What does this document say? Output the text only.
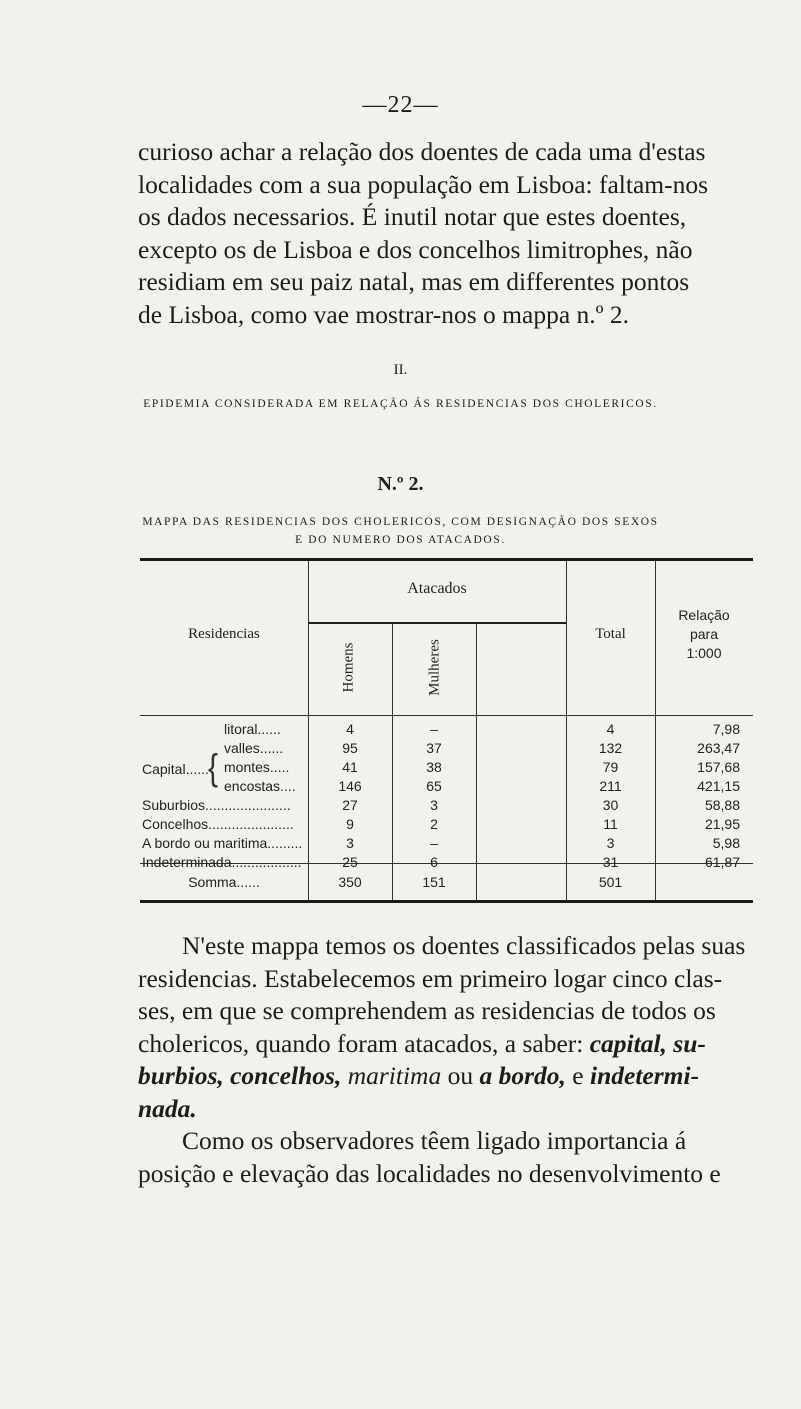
—22—
curioso achar a relação dos doentes de cada uma d'estas
localidades com a sua população em Lisboa: faltam-nos
os dados necessarios. É inutil notar que estes doentes,
excepto os de Lisboa e dos concelhos limitrophes, não
residiam em seu paiz natal, mas em differentes pontos
de Lisboa, como vae mostrar-nos o mappa n.º 2.
II.
EPIDEMIA CONSIDERADA EM RELAÇÃO ÁS RESIDENCIAS DOS CHOLERICOS.
N.º 2.
MAPPA DAS RESIDENCIAS DOS CHOLERICOS, COM DESIGNAÇÃO DOS SEXOS
E DO NUMERO DOS ATACADOS.
Residencias
Atacados
Homens	Mulheres
Total
Relação
para
1:000
Capital...... {
litoral......	4	–	4	7,98
valles......	95	37	132	263,47
montes.....	41	38	79	157,68
encostas....	146	65	211	421,15
Suburbios......................	27	3	30	58,88
Concelhos......................	9	2	11	21,95
A bordo ou maritima.........	3	–	3	5,98
Indeterminada..................	25	6	31	61,87
Somma......	350	151	501
N'este mappa temos os doentes classificados pelas suas
residencias. Estabelecemos em primeiro logar cinco clas-
ses, em que se comprehendem as residencias de todos os
cholericos, quando foram atacados, a saber: capital, su-
burbios, concelhos, maritima ou a bordo, e indetermi-
nada.
Como os observadores têem ligado importancia á
posição e elevação das localidades no desenvolvimento e
